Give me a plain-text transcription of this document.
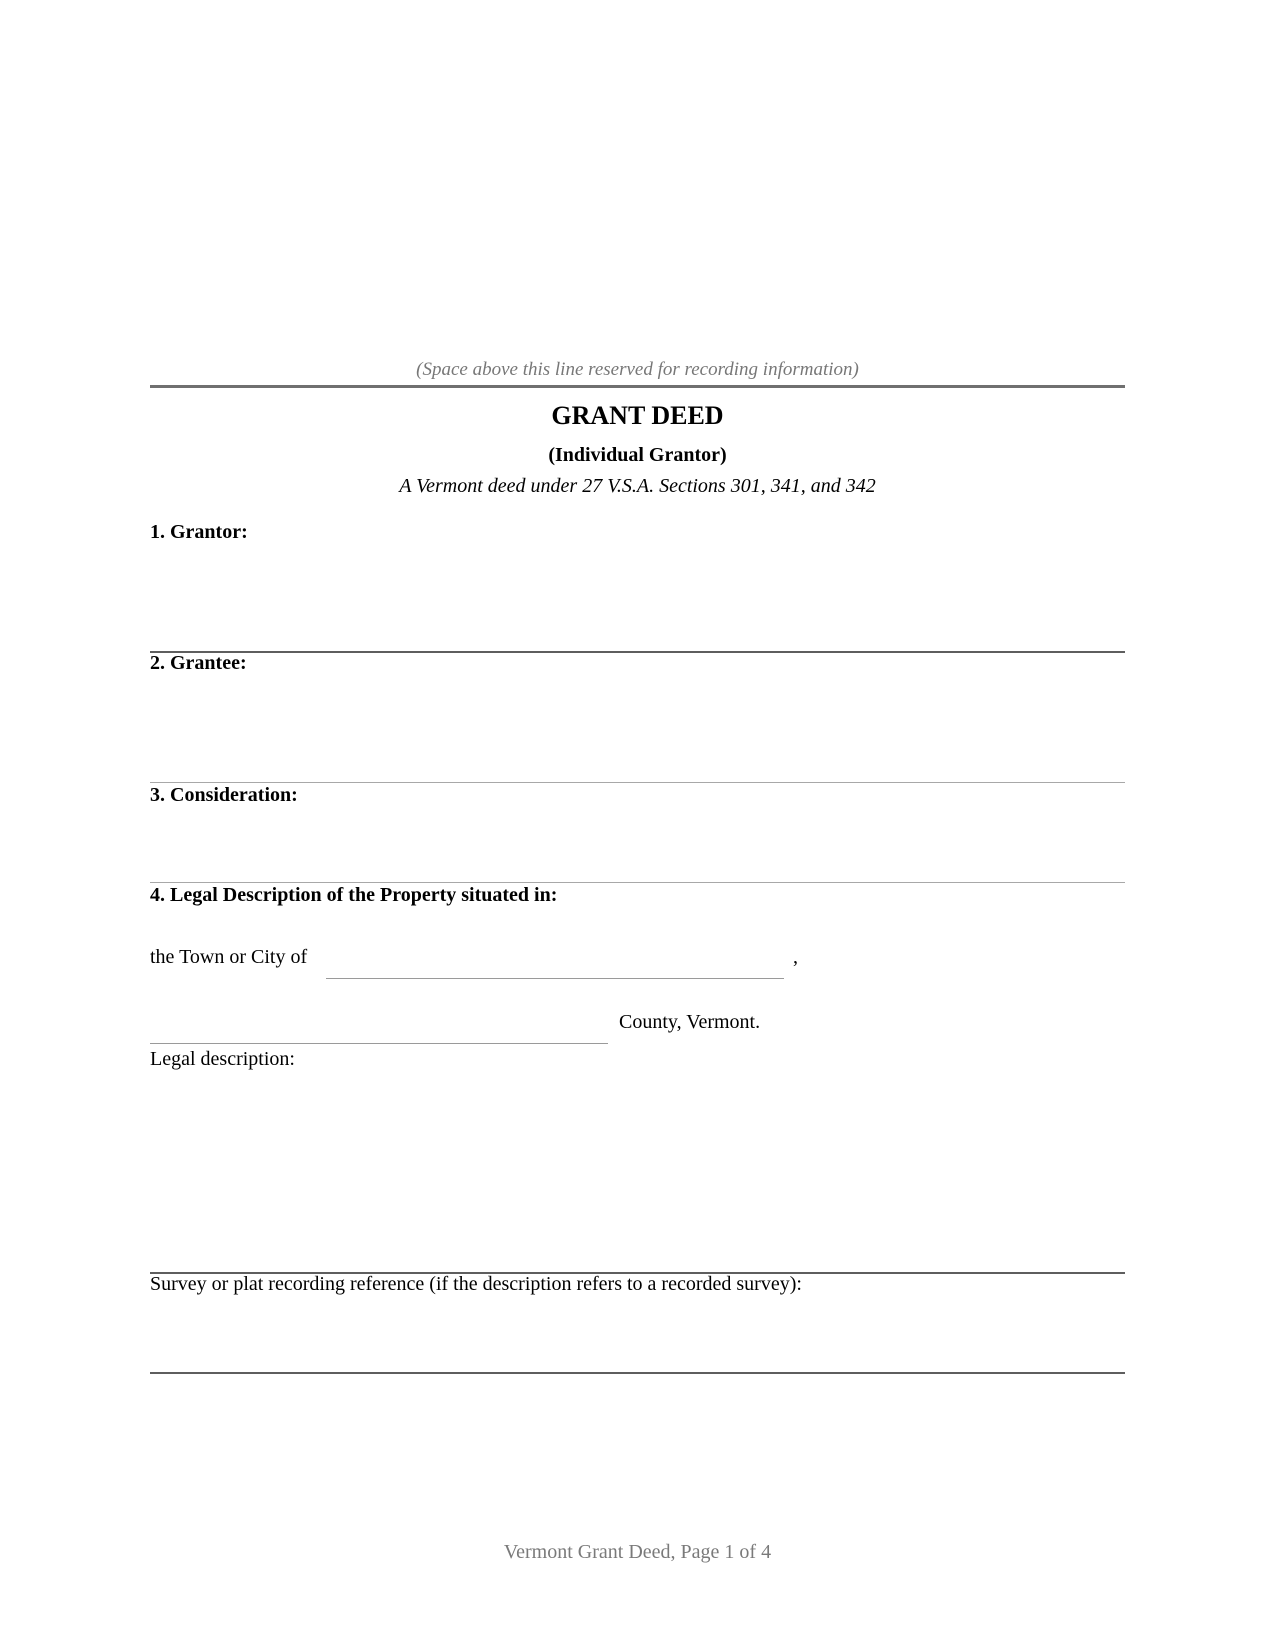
(Space above this line reserved for recording information)
GRANT DEED
(Individual Grantor)
A Vermont deed under 27 V.S.A. Sections 301, 341, and 342
1. Grantor:
2. Grantee:
3. Consideration:
4. Legal Description of the Property situated in:
the Town or City of	,
County, Vermont.
Legal description:
Survey or plat recording reference (if the description refers to a recorded survey):
Vermont Grant Deed, Page 1 of 4
